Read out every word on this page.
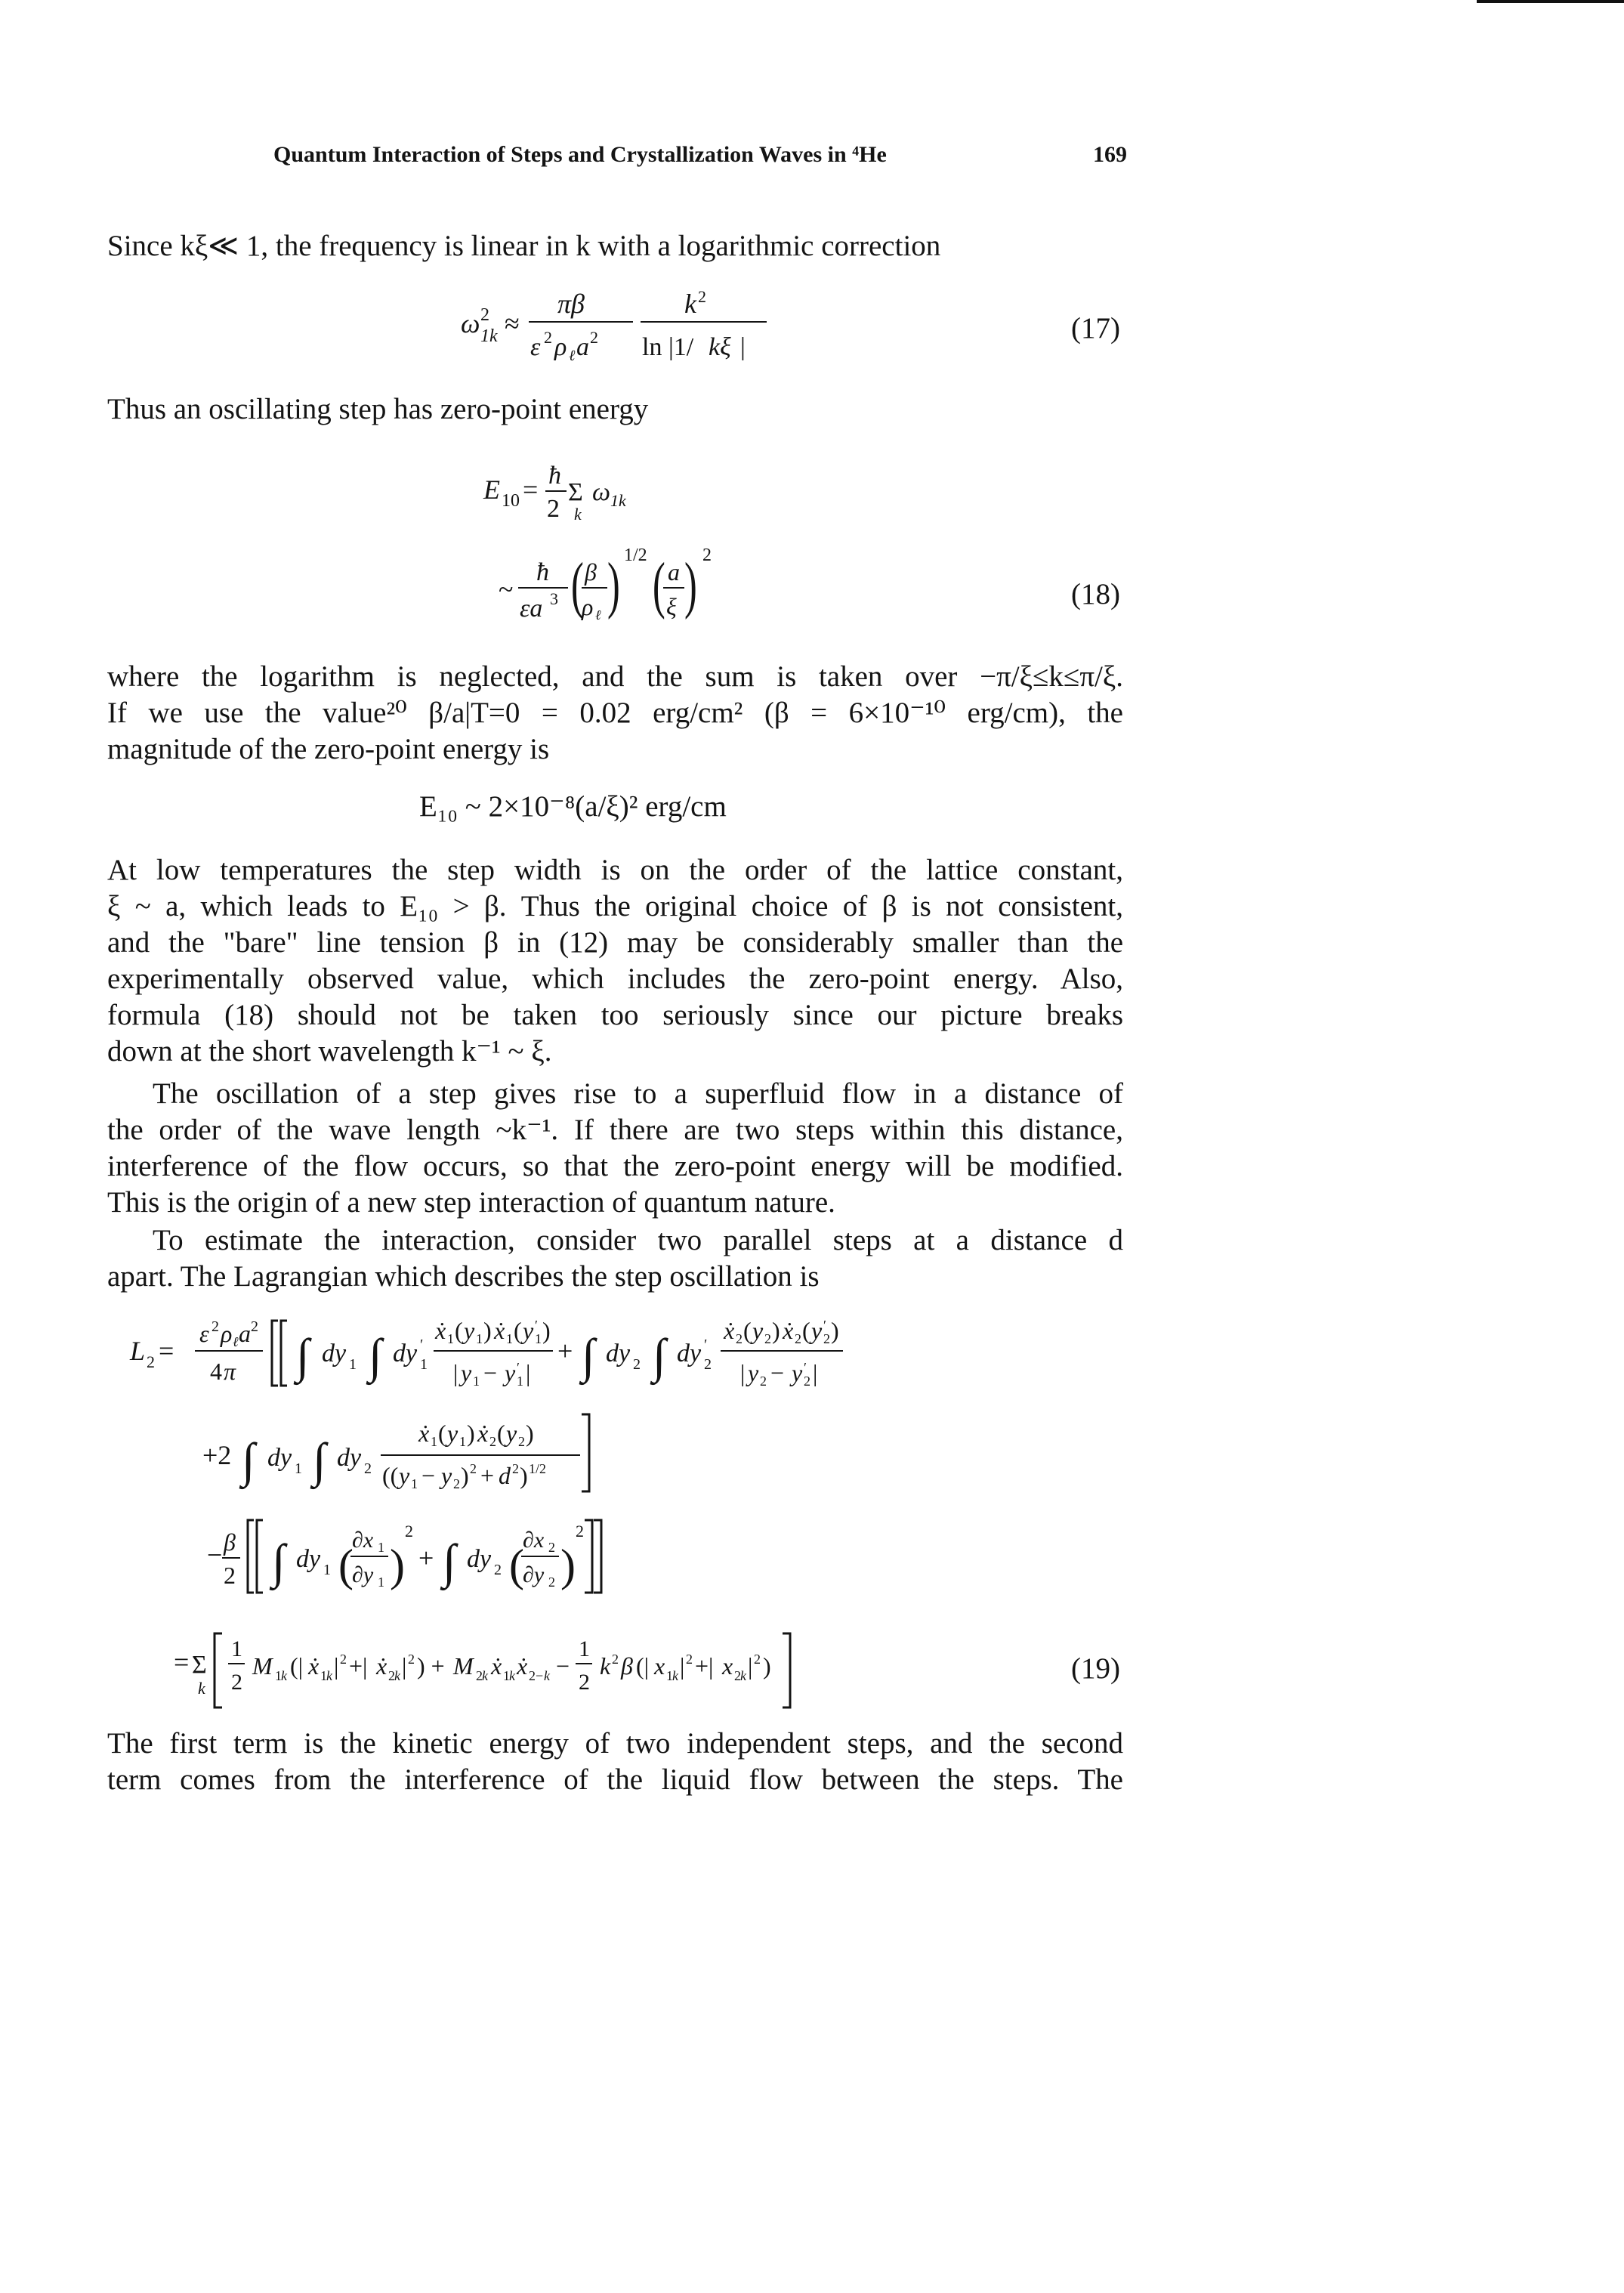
Quantum Interaction of Steps and Crystallization Waves in ⁴He	169
Since kξ≪ 1, the frequency is linear in k with a logarithmic correction
ω 2
1k ≈
πβ
ε 2 ρ ℓ a 2
k 2
ln |1/ kξ |
(17)
Thus an oscillating step has zero-point energy
E 10 = ħ
2
Σ
k
ω 1k
~
ħ
εa 3 ( β
ρ ℓ ) 1/2 ( a
ξ ) 2
(18)
where the logarithm is neglected, and the sum is taken over −π/ξ≤k≤π/ξ.
If we use the value²⁰ β/a|T=0 = 0.02 erg/cm² (β = 6×10⁻¹⁰ erg/cm), the
magnitude of the zero-point energy is
E₁₀ ~ 2×10⁻⁸(a/ξ)² erg/cm
At low temperatures the step width is on the order of the lattice constant,
ξ ~ a, which leads to E₁₀ > β. Thus the original choice of β is not consistent,
and the "bare" line tension β in (12) may be considerably smaller than the
experimentally observed value, which includes the zero-point energy. Also,
formula (18) should not be taken too seriously since our picture breaks
down at the short wavelength k⁻¹ ~ ξ.
The oscillation of a step gives rise to a superfluid flow in a distance of
the order of the wave length ~k⁻¹. If there are two steps within this distance,
interference of the flow occurs, so that the zero-point energy will be modified.
This is the origin of a new step interaction of quantum nature.
To estimate the interaction, consider two parallel steps at a distance d
apart. The Lagrangian which describes the step oscillation is
L 2 =
ε 2 ρ ℓ a 2
4 π ∫ dy 1 ∫ dy ′
1
ẋ 1 ( y 1 ) ẋ 1 ( y ′
1 )
| y 1 − y ′
1 |
+ ∫ dy 2 ∫ dy ′
2
ẋ 2 ( y 2 ) ẋ 2 ( y ′
2 )
| y 2 − y ′
2 |
+2 ∫ dy 1 ∫ dy 2
ẋ 1 ( y 1 ) ẋ 2 ( y 2 )
(( y 1 − y 2 ) 2 + d 2 ) 1/2
− β
2 ∫ dy 1 (
∂x 1
∂y 1 )
2
+ ∫ dy 2 (
∂x 2
∂y 2 )
2
= Σ
k
1
2
M 1 k (| ẋ 1 k | 2 +| ẋ 2 k | 2 ) + M 2 k ẋ 1 k ẋ 2− k −
1
2
k 2 β (| x 1 k | 2 +| x 2 k | 2 )	(19)
The first term is the kinetic energy of two independent steps, and the second
term comes from the interference of the liquid flow between the steps. The
